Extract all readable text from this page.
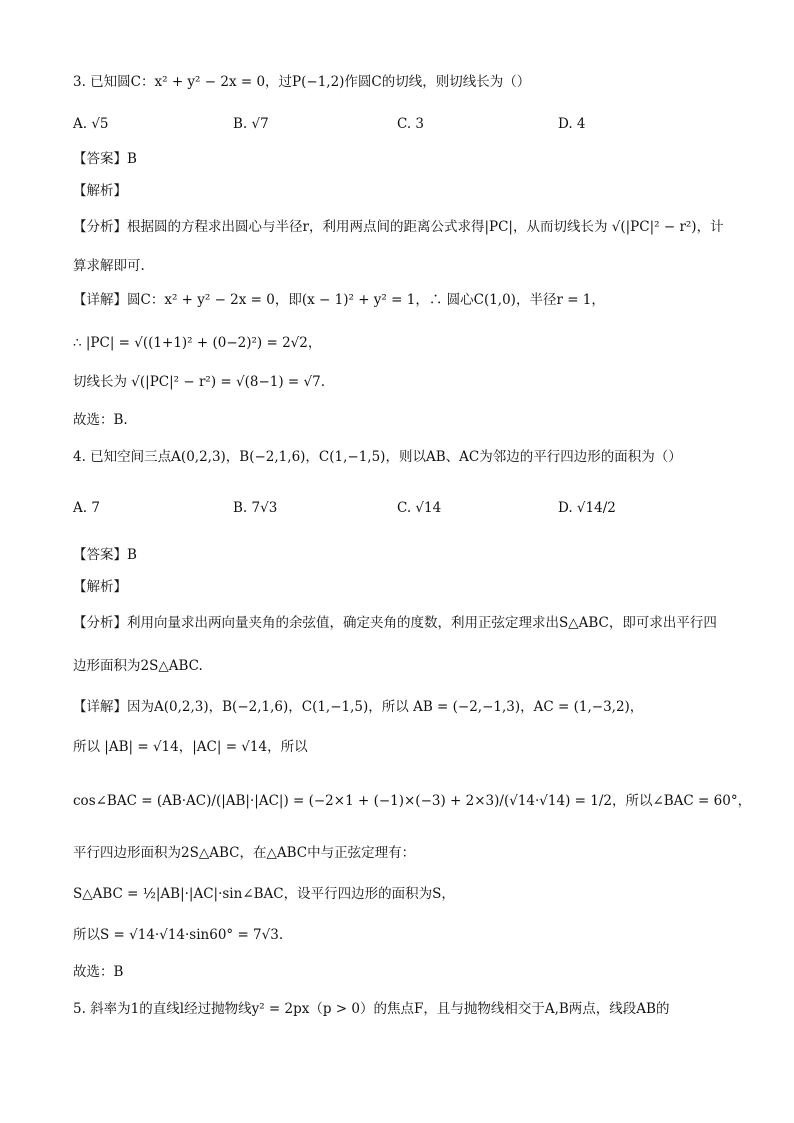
3. 已知圆C：x² + y² − 2x = 0，过P(−1,2)作圆C的切线，则切线长为（）
A. √5	B. √7	C. 3	D. 4
【答案】B
【解析】
【分析】根据圆的方程求出圆心与半径r，利用两点间的距离公式求得|PC|，从而切线长为 √(|PC|² − r²)，计
算求解即可.
【详解】圆C：x² + y² − 2x = 0，即(x − 1)² + y² = 1，∴ 圆心C(1,0)，半径r = 1，
∴ |PC| = √((1+1)² + (0−2)²) = 2√2，
切线长为 √(|PC|² − r²) = √(8−1) = √7.
故选：B.
4. 已知空间三点A(0,2,3)，B(−2,1,6)，C(1,−1,5)，则以AB、AC为邻边的平行四边形的面积为（）
A. 7	B. 7√3	C. √14	D. √14/2
【答案】B
【解析】
【分析】利用向量求出两向量夹角的余弦值，确定夹角的度数，利用正弦定理求出S△ABC，即可求出平行四
边形面积为2S△ABC.
【详解】因为A(0,2,3)，B(−2,1,6)，C(1,−1,5)，所以 AB = (−2,−1,3)，AC = (1,−3,2)，
所以 |AB| = √14，|AC| = √14，所以
cos∠BAC = (AB·AC)/(|AB|·|AC|) = (−2×1 + (−1)×(−3) + 2×3)/(√14·√14) = 1/2，所以∠BAC = 60°，
平行四边形面积为2S△ABC，在△ABC中与正弦定理有：
S△ABC = ½|AB|·|AC|·sin∠BAC，设平行四边形的面积为S，
所以S = √14·√14·sin60° = 7√3.
故选：B
5. 斜率为1的直线l经过抛物线y² = 2px（p > 0）的焦点F，且与抛物线相交于A,B两点，线段AB的
